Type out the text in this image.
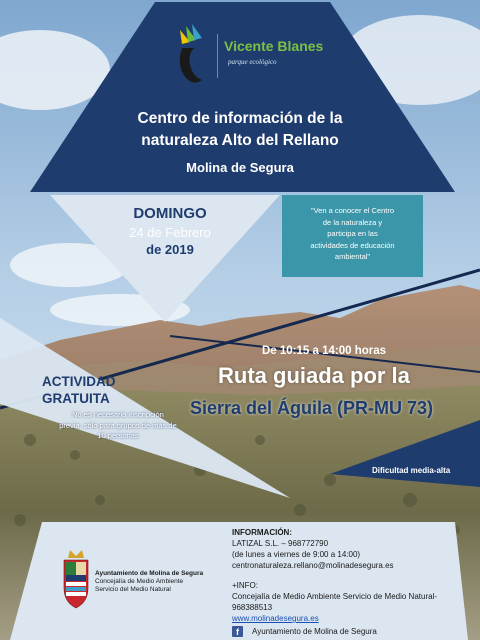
Vicente Blanes
parque ecológico
Centro de información de la
naturaleza Alto del Rellano
Molina de Segura
DOMINGO
24 de Febrero
de 2019
"Ven a conocer el Centro
de la naturaleza y
participa en las
actividades de educación
ambiental"
De 10:15 a 14:00 horas
Ruta guiada por la
Sierra del Águila (PR-MU 73)
Dificultad media-alta
ACTIVIDAD
GRATUITA
No es necesaria inscripción
previa, sólo para grupos de más de
10 personas
Ayuntamiento de Molina de Segura
Concejalía de Medio Ambiente
Servicio del Medio Natural
INFORMACIÓN:
LATIZAL S.L. – 968772790
(de lunes a viernes de 9:00 a 14:00)
centronaturaleza.rellano@molinadesegura.es
+INFO:
Concejalía de Medio Ambiente Servicio de Medio Natural-
968388513
www.molinadesegura.es
f	Ayuntamiento de Molina de Segura
